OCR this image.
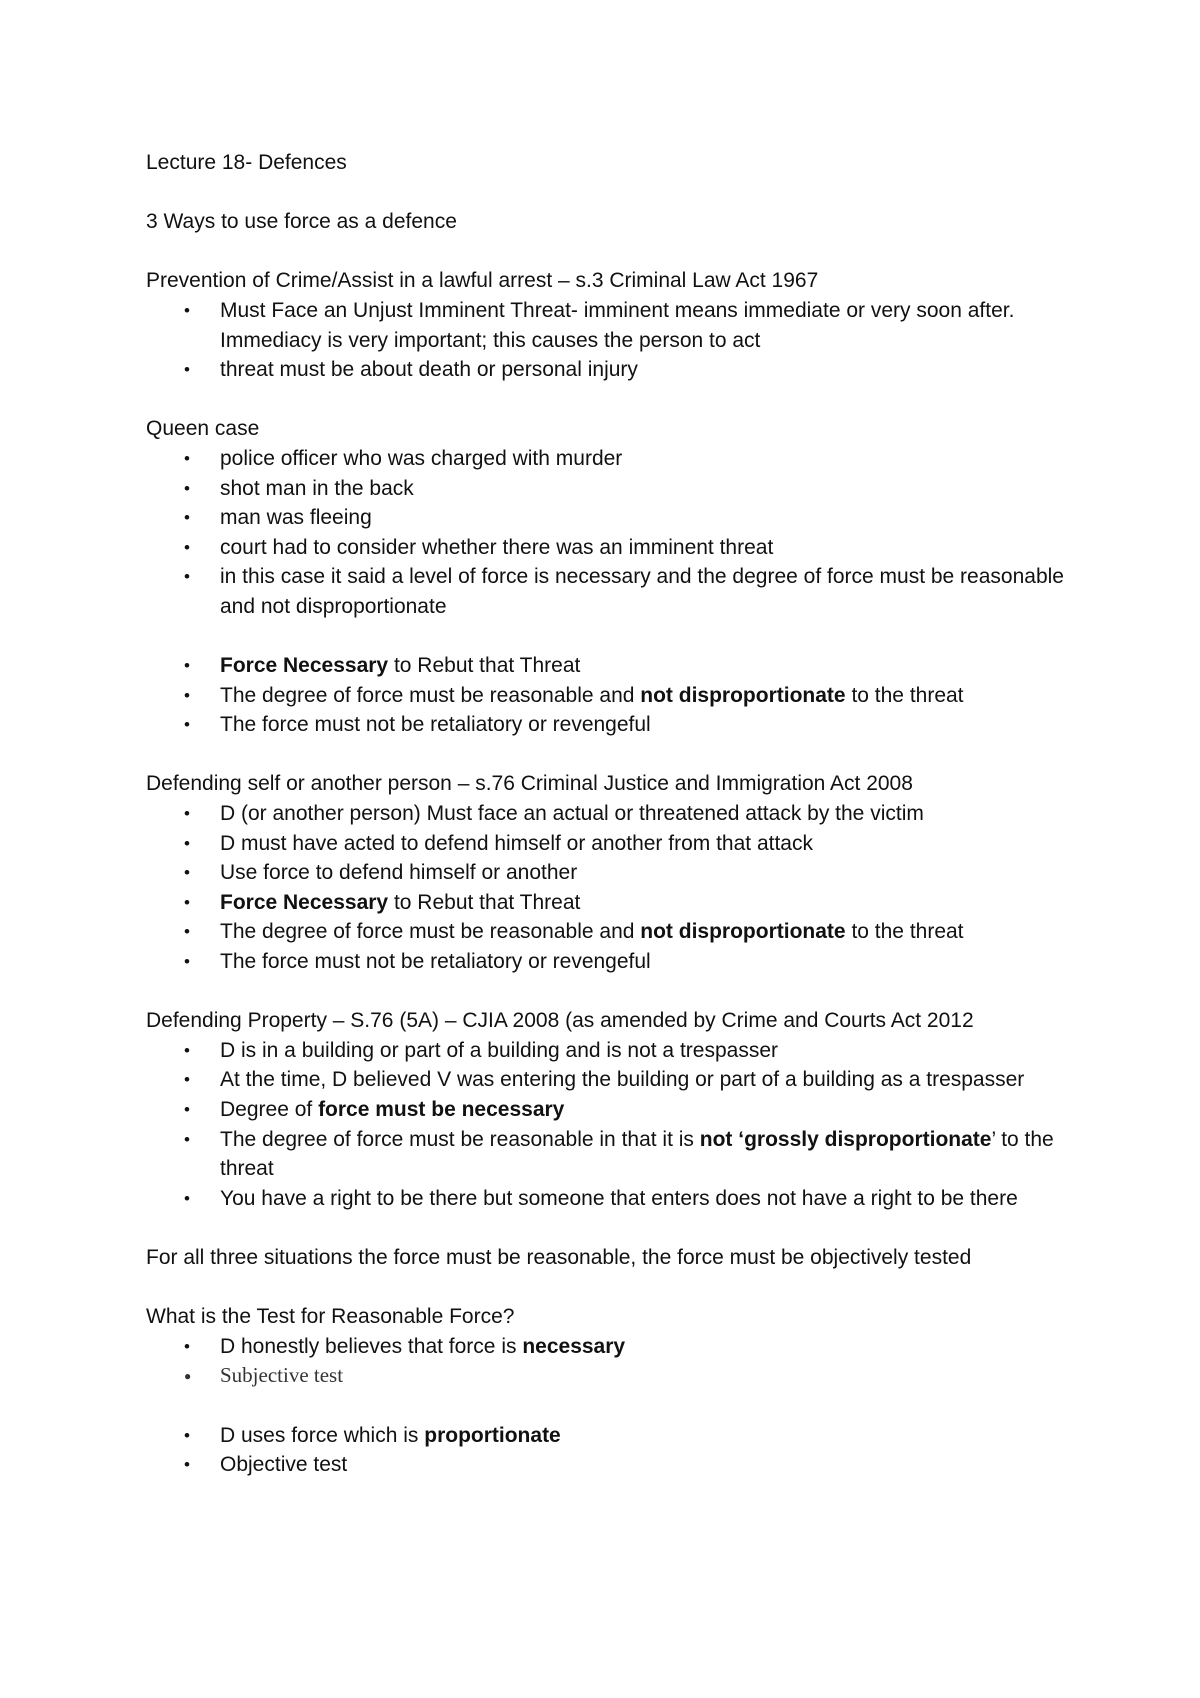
Lecture 18- Defences

3 Ways to use force as a defence

Prevention of Crime/Assist in a lawful arrest – s.3 Criminal Law Act 1967

• Must Face an Unjust Imminent Threat- imminent means immediate or very soon after. Immediacy is very important; this causes the person to act
• threat must be about death or personal injury

Queen case

• police officer who was charged with murder
• shot man in the back
• man was fleeing
• court had to consider whether there was an imminent threat
• in this case it said a level of force is necessary and the degree of force must be reasonable and not disproportionate
• Force Necessary to Rebut that Threat
• The degree of force must be reasonable and not disproportionate to the threat
• The force must not be retaliatory or revengeful

Defending self or another person – s.76 Criminal Justice and Immigration Act 2008

• D (or another person) Must face an actual or threatened attack by the victim
• D must have acted to defend himself or another from that attack
• Use force to defend himself or another
• Force Necessary to Rebut that Threat
• The degree of force must be reasonable and not disproportionate to the threat
• The force must not be retaliatory or revengeful

Defending Property – S.76 (5A) – CJIA 2008 (as amended by Crime and Courts Act 2012

• D is in a building or part of a building and is not a trespasser
• At the time, D believed V was entering the building or part of a building as a trespasser
• Degree of force must be necessary
• The degree of force must be reasonable in that it is not ‘grossly disproportionate’ to the threat
• You have a right to be there but someone that enters does not have a right to be there

For all three situations the force must be reasonable, the force must be objectively tested

What is the Test for Reasonable Force?

• D honestly believes that force is necessary
● Subjective test
• D uses force which is proportionate
• Objective test
